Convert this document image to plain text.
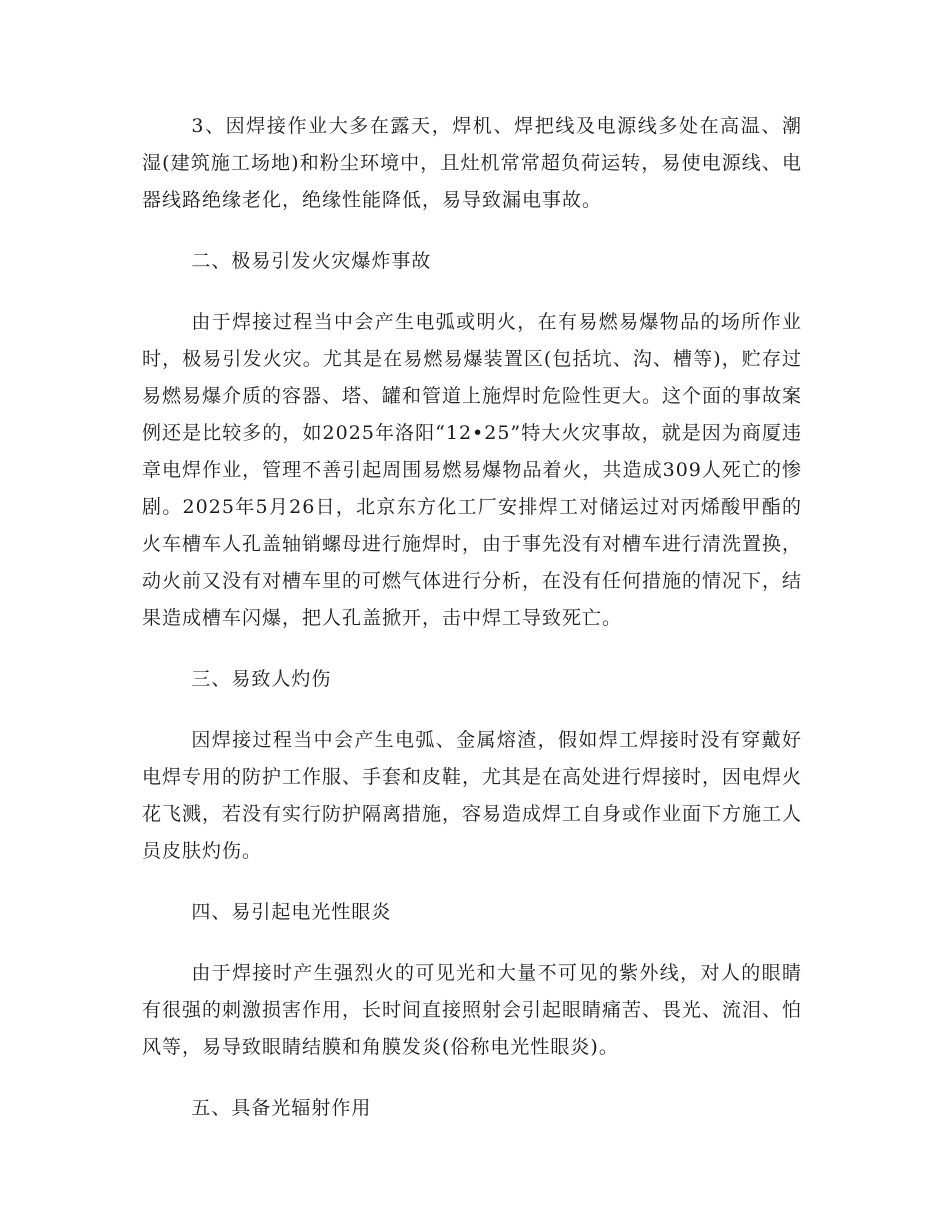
3、因焊接作业大多在露天，焊机、焊把线及电源线多处在高温、潮湿(建筑施工场地)和粉尘环境中，且灶机常常超负荷运转，易使电源线、电器线路绝缘老化，绝缘性能降低，易导致漏电事故。

二、极易引发火灾爆炸事故

由于焊接过程当中会产生电弧或明火，在有易燃易爆物品的场所作业时，极易引发火灾。尤其是在易燃易爆装置区(包括坑、沟、槽等)，贮存过易燃易爆介质的容器、塔、罐和管道上施焊时危险性更大。这个面的事故案例还是比较多的，如2025年洛阳“12•25”特大火灾事故，就是因为商厦违章电焊作业，管理不善引起周围易燃易爆物品着火，共造成309人死亡的惨剧。2025年5月26日，北京东方化工厂安排焊工对储运过对丙烯酸甲酯的火车槽车人孔盖轴销螺母进行施焊时，由于事先没有对槽车进行清洗置换，动火前又没有对槽车里的可燃气体进行分析，在没有任何措施的情况下，结果造成槽车闪爆，把人孔盖掀开，击中焊工导致死亡。

三、易致人灼伤

因焊接过程当中会产生电弧、金属熔渣，假如焊工焊接时没有穿戴好电焊专用的防护工作服、手套和皮鞋，尤其是在高处进行焊接时，因电焊火花飞溅，若没有实行防护隔离措施，容易造成焊工自身或作业面下方施工人员皮肤灼伤。

四、易引起电光性眼炎

由于焊接时产生强烈火的可见光和大量不可见的紫外线，对人的眼睛有很强的刺激损害作用，长时间直接照射会引起眼睛痛苦、畏光、流泪、怕风等，易导致眼睛结膜和角膜发炎(俗称电光性眼炎)。

五、具备光辐射作用
